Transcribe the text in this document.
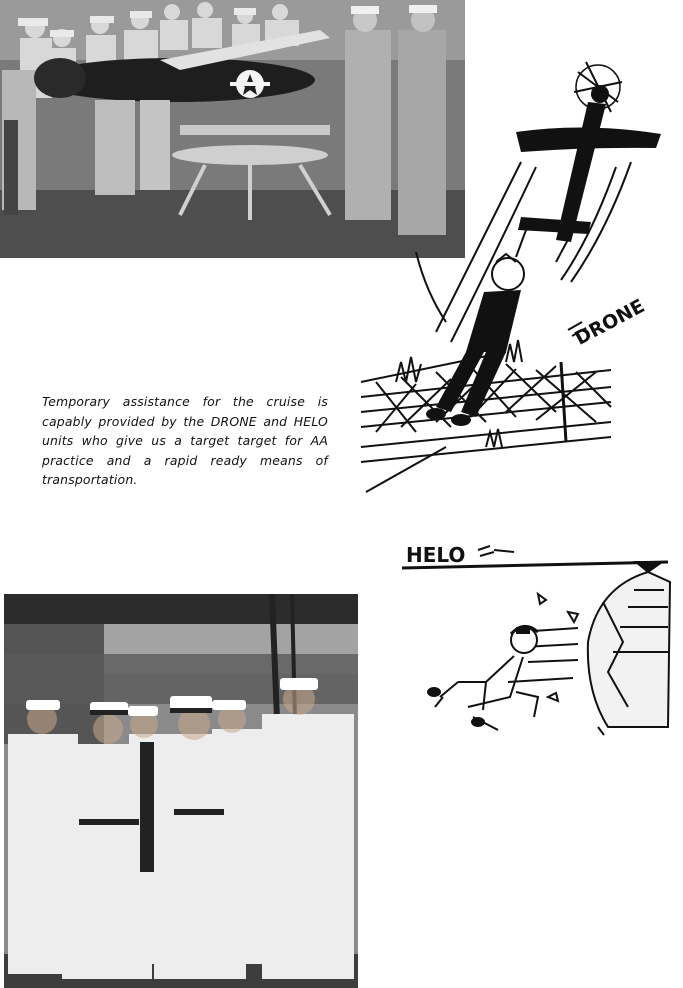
DRONE
Temporary assistance for the cruise is capably provided by the DRONE and HELO units who give us a target target for AA practice and a rapid ready means of transportation.
HELO
